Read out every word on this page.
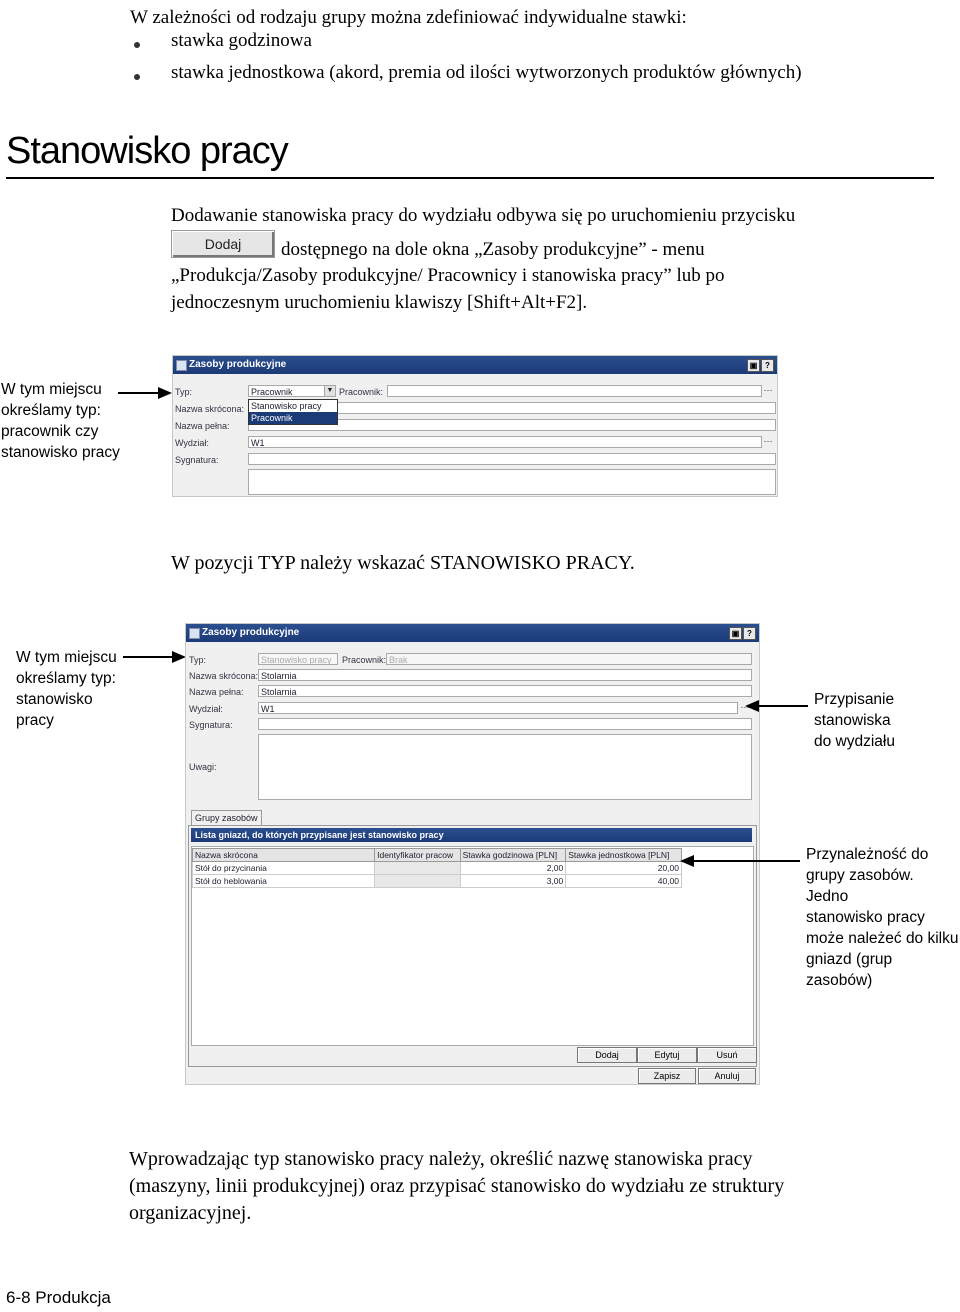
W zależności od rodzaju grupy można zdefiniować indywidualne stawki:
stawka godzinowa
stawka jednostkowa (akord, premia od ilości wytworzonych produktów głównych)
Stanowisko pracy
Dodawanie stanowiska pracy do wydziału odbywa się po uruchomieniu przycisku
Dodaj	dostępnego na dole okna „Zasoby produkcyjne” - menu
„Produkcja/Zasoby produkcyjne/ Pracownicy i stanowiska pracy” lub po
jednoczesnym uruchomieniu klawiszy [Shift+Alt+F2].
W tym miejscu
określamy typ:
pracownik czy
stanowisko pracy
Zasoby produkcyjne	▣ ?
Typ:	Pracownik	▼ Pracownik:	···
Nazwa skrócona:
Nazwa pełna:
Wydział:	W1	···
Sygnatura:
Stanowisko pracy
Pracownik
W pozycji TYP należy wskazać STANOWISKO PRACY.
W tym miejscu
określamy typ:
stanowisko
pracy
Zasoby produkcyjne	▣ ?
Typ:	Stanowisko pracy	Pracownik: Brak
Nazwa skrócona: Stolarnia
Nazwa pełna:	Stolarnia
Wydział:	W1	···
Sygnatura:
Uwagi:
Grupy zasobów
Lista gniazd, do których przypisane jest stanowisko pracy
Nazwa skrócona	Identyfikator pracow	Stawka godzinowa [PLN]	Stawka jednostkowa [PLN]
Stół do przycinania		2,00	20,00
Stół do heblowania		3,00	40,00
Dodaj	Edytuj	Usuń
Zapisz	Anuluj
Przypisanie
stanowiska
do wydziału
Przynależność do
grupy zasobów. Jedno
stanowisko pracy
może należeć do kilku
gniazd (grup zasobów)
Wprowadzając typ stanowisko pracy należy, określić nazwę stanowiska pracy
(maszyny, linii produkcyjnej) oraz przypisać stanowisko do wydziału ze struktury
organizacyjnej.
6-8 Produkcja
